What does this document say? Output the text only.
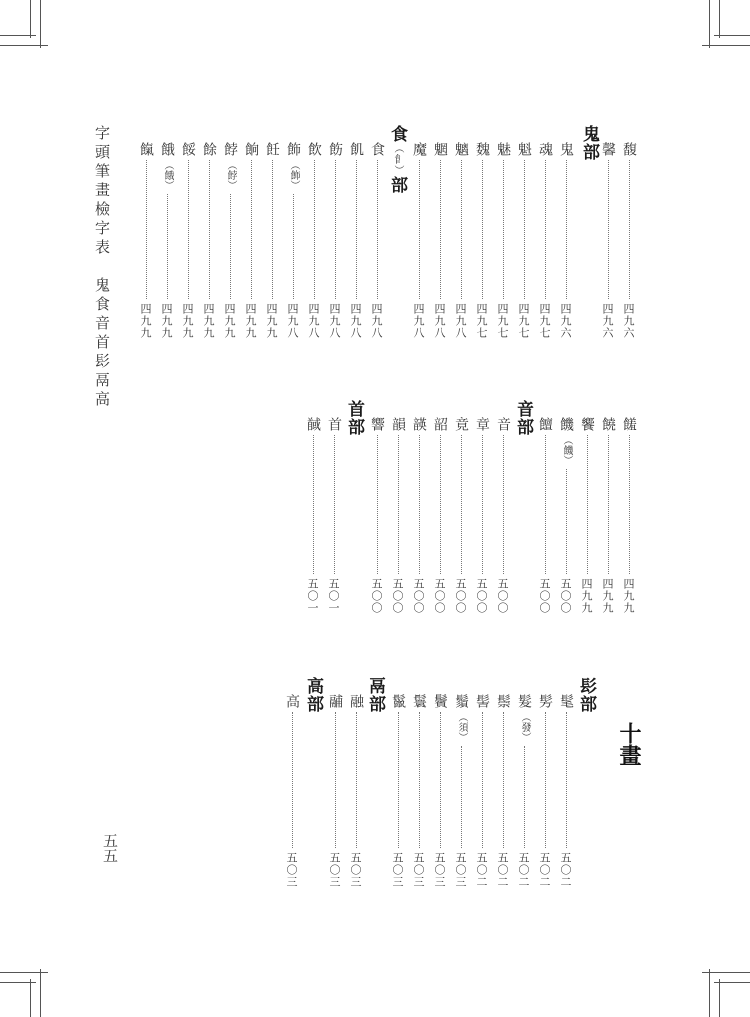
字頭筆畫檢字表　鬼食音首髟鬲高
五五
十畫
鬼部
食（⻞）部
音部
首部
髟部
鬲部
高部
馥
四九六
馨
四九六
鬼
四九六
魂
四九七
魁
四九七
魅
四九七
魏
四九七
魑
四九八
魍
四九八
魔
四九八
食
四九八
飢
四九八
飭
四九八
飲
四九八
飾
（飾）
四九八
飪
四九九
餉
四九九
餑
（餑）
四九九
餘
四九九
餒
四九九
餓
（餓）
四九九
餼
四九九
饈
四九九
饒
四九九
饗
四九九
饑
（饑）
五〇〇
饘
五〇〇
音
五〇〇
章
五〇〇
竟
五〇〇
韶
五〇〇
韺
五〇〇
韻
五〇〇
響
五〇〇
首
五〇一
馘
五〇一
髦
五〇二
髣
五〇二
髮
（發）
五〇二
鬃
五〇二
髻
五〇二
鬚
（須）
五〇三
鬢
五〇三
鬟
五〇三
鬣
五〇三
融
五〇三
鬴
五〇三
高
五〇三
